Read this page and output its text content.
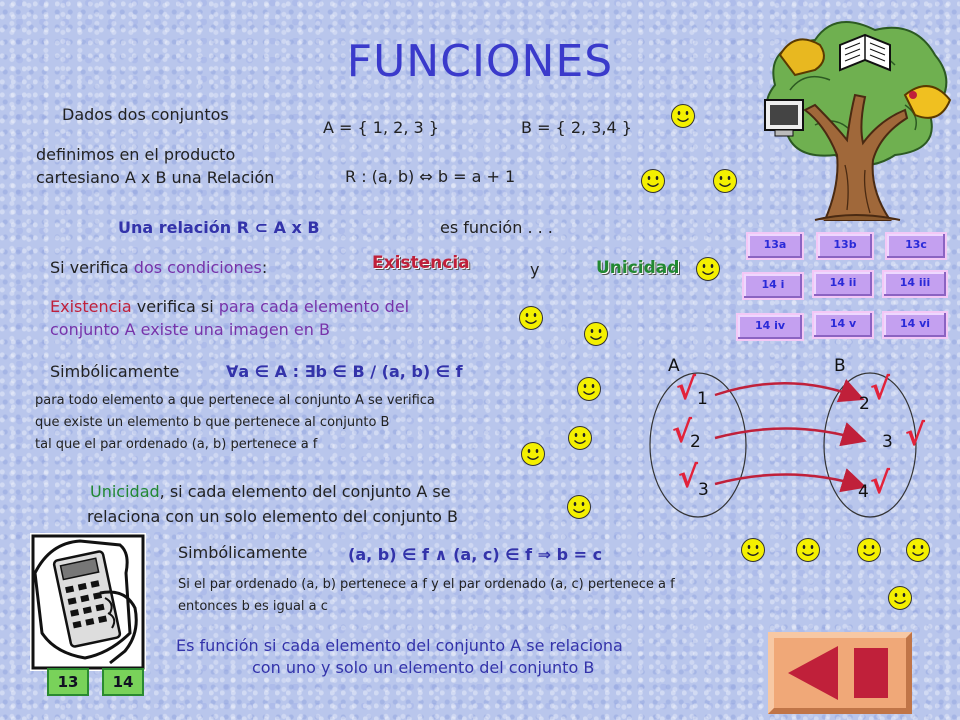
FUNCIONES
Dados dos conjuntos
A = { 1, 2, 3 }	B = { 2, 3,4 }
definimos en el producto
cartesiano A x B una Relación	R : (a, b) ⇔ b = a + 1
Una relación R ⊂ A x B	es función . . .
Si verifica dos condiciones:	Existencia	y	Unicidad
Existencia verifica si para cada elemento del
conjunto A existe una imagen en B
Simbólicamente	∀a ∈ A : ∃b ∈ B / (a, b) ∈ f
para todo elemento a que pertenece al conjunto A se verifica
que existe un elemento b que pertenece al conjunto B
tal que el par ordenado (a, b) pertenece a f
Unicidad, si cada elemento del conjunto A se
relaciona con un solo elemento del conjunto B
Simbólicamente	(a, b) ∈ f ∧ (a, c) ∈ f ⇒ b = c
Si el par ordenado (a, b) pertenece a f y el par ordenado (a, c) pertenece a f
entonces b es igual a c
Es función si cada elemento del conjunto A se relaciona
con uno y solo un elemento del conjunto B
13a	13b	13c
14 i	14 ii	14 iii
14 iv	14 v	14 vi
A	B
1
2
3
2
3
4
√
√
√
√
√
√
13	14
